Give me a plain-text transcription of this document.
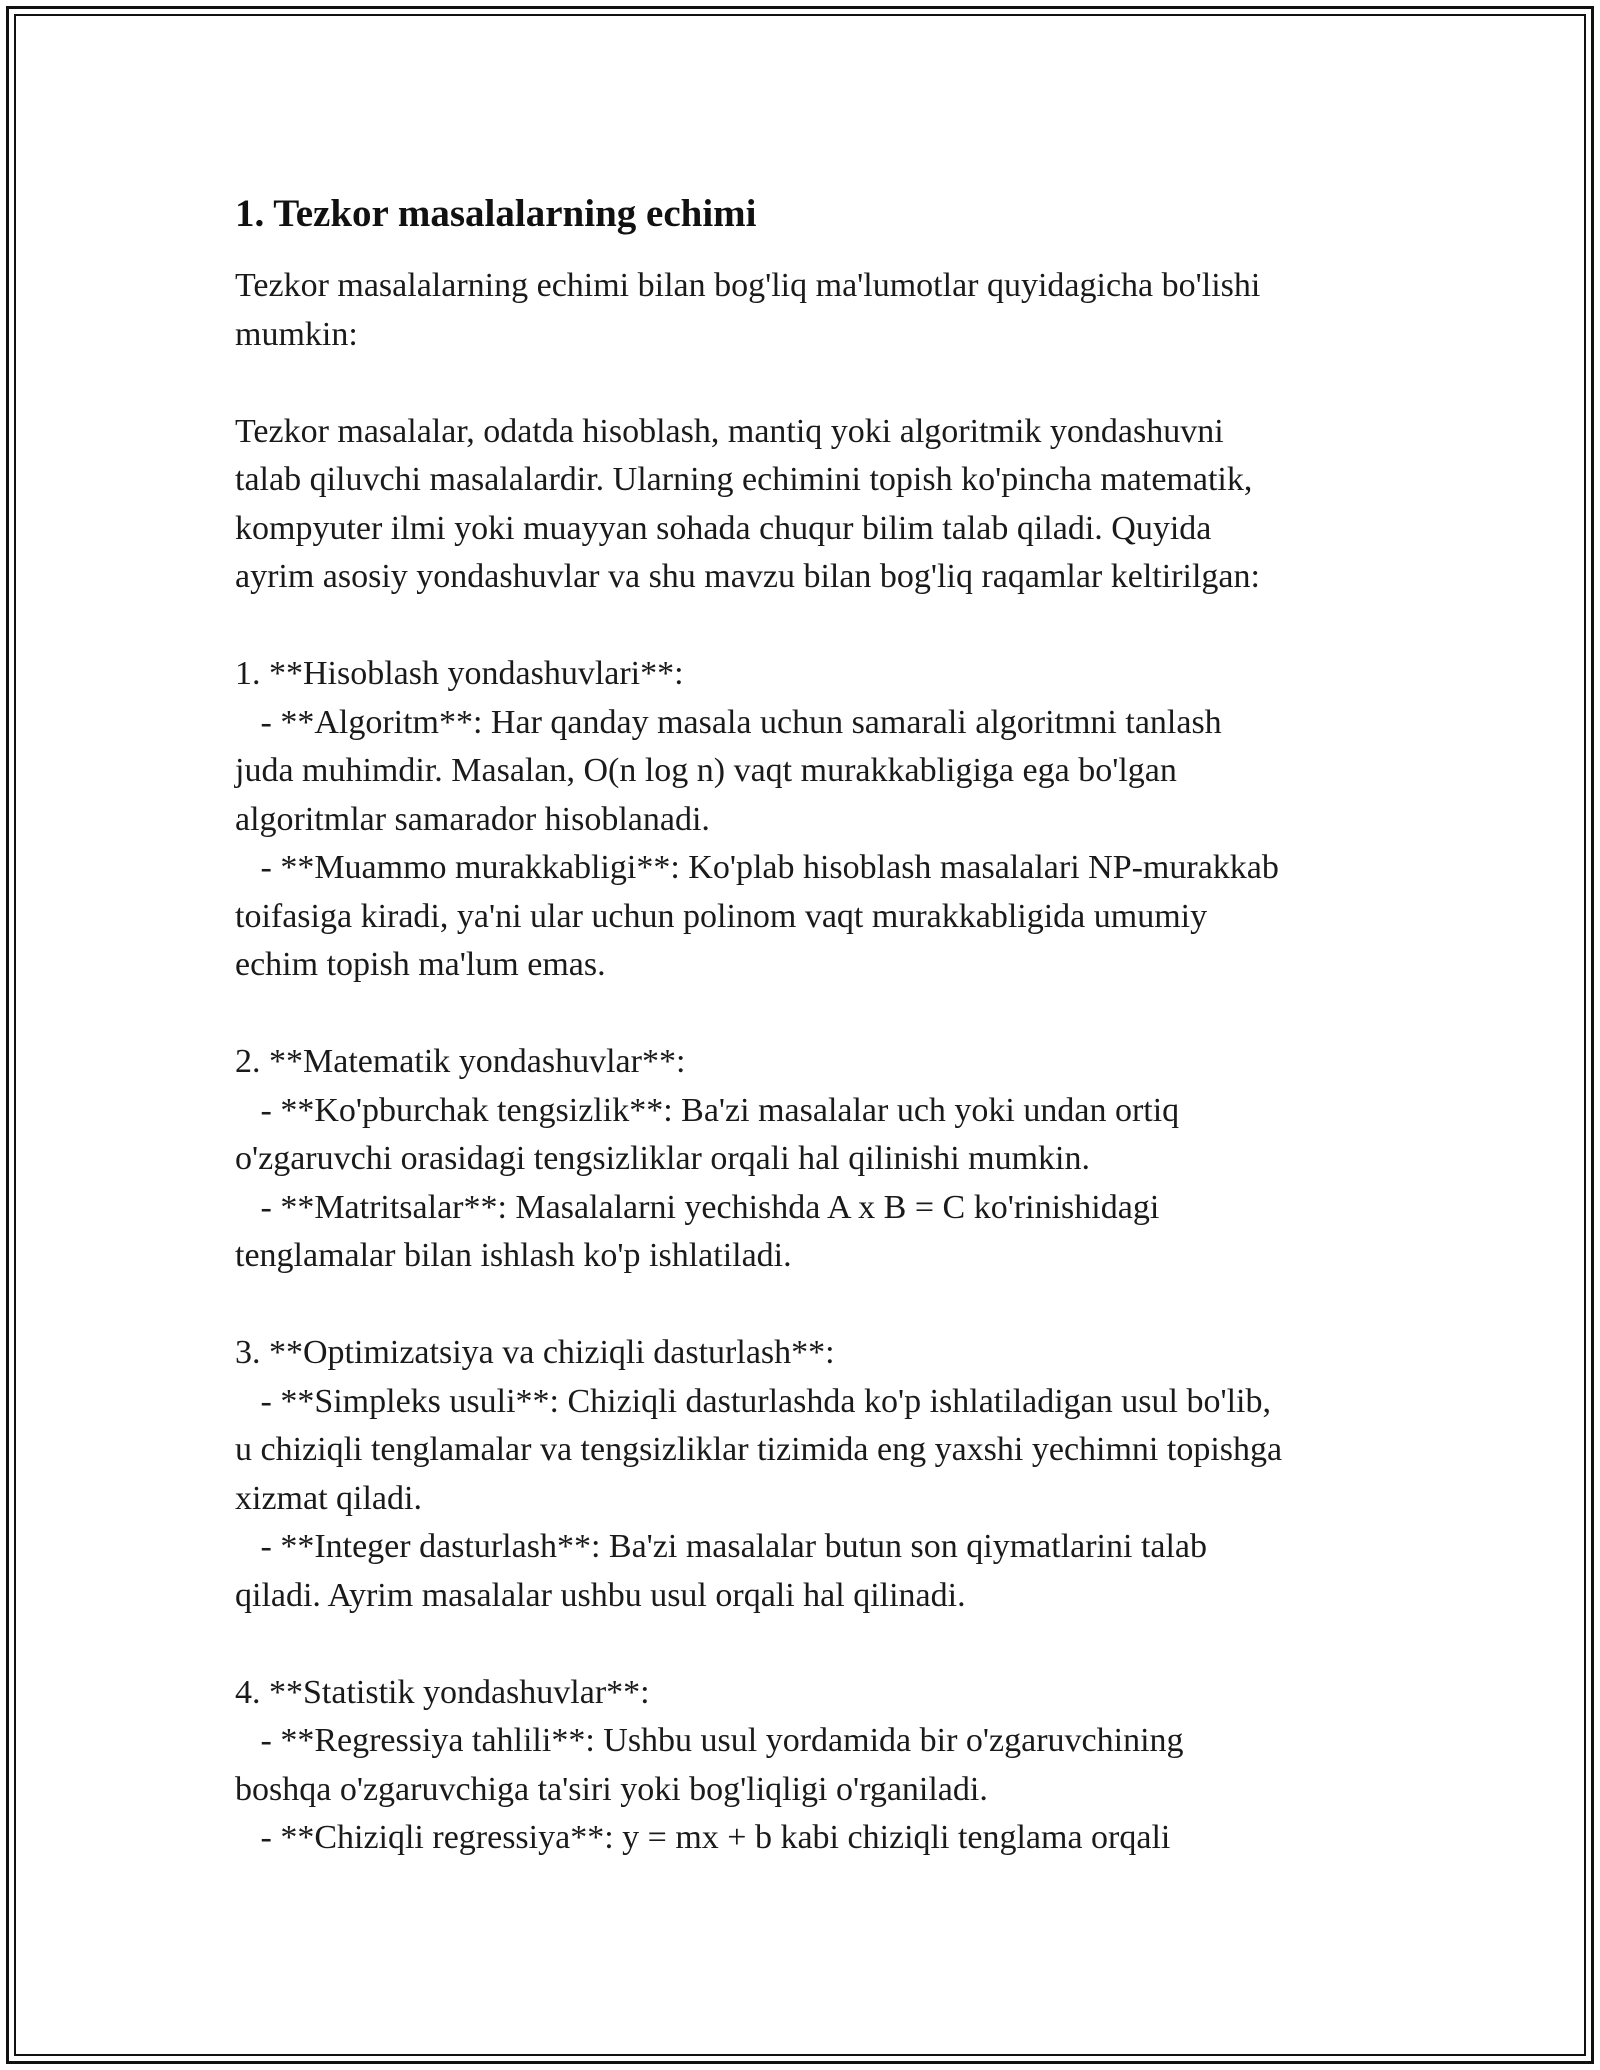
1. Tezkor masalalarning echimi

Tezkor masalalarning echimi bilan bog'liq ma'lumotlar quyidagicha bo'lishi
mumkin:

Tezkor masalalar, odatda hisoblash, mantiq yoki algoritmik yondashuvni
talab qiluvchi masalalardir. Ularning echimini topish ko'pincha matematik,
kompyuter ilmi yoki muayyan sohada chuqur bilim talab qiladi. Quyida
ayrim asosiy yondashuvlar va shu mavzu bilan bog'liq raqamlar keltirilgan:

1. **Hisoblash yondashuvlari**:
- **Algoritm**: Har qanday masala uchun samarali algoritmni tanlash
juda muhimdir. Masalan, O(n log n) vaqt murakkabligiga ega bo'lgan
algoritmlar samarador hisoblanadi.
- **Muammo murakkabligi**: Ko'plab hisoblash masalalari NP-murakkab
toifasiga kiradi, ya'ni ular uchun polinom vaqt murakkabligida umumiy
echim topish ma'lum emas.

2. **Matematik yondashuvlar**:
- **Ko'pburchak tengsizlik**: Ba'zi masalalar uch yoki undan ortiq
o'zgaruvchi orasidagi tengsizliklar orqali hal qilinishi mumkin.
- **Matritsalar**: Masalalarni yechishda A x B = C ko'rinishidagi
tenglamalar bilan ishlash ko'p ishlatiladi.

3. **Optimizatsiya va chiziqli dasturlash**:
- **Simpleks usuli**: Chiziqli dasturlashda ko'p ishlatiladigan usul bo'lib,
u chiziqli tenglamalar va tengsizliklar tizimida eng yaxshi yechimni topishga
xizmat qiladi.
- **Integer dasturlash**: Ba'zi masalalar butun son qiymatlarini talab
qiladi. Ayrim masalalar ushbu usul orqali hal qilinadi.

4. **Statistik yondashuvlar**:
- **Regressiya tahlili**: Ushbu usul yordamida bir o'zgaruvchining
boshqa o'zgaruvchiga ta'siri yoki bog'liqligi o'rganiladi.
- **Chiziqli regressiya**: y = mx + b kabi chiziqli tenglama orqali
